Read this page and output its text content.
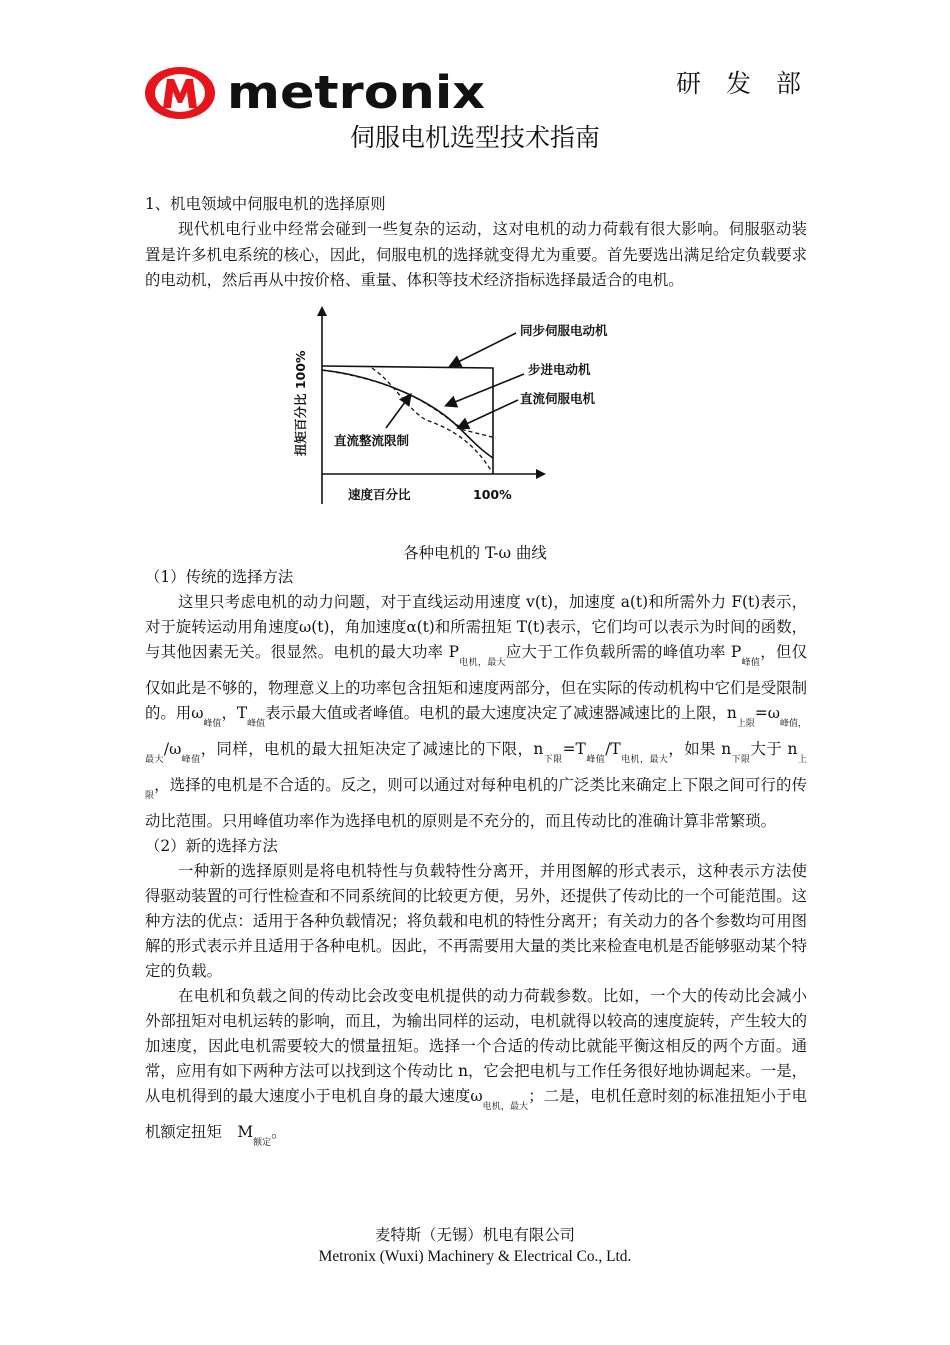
metronix	研 发 部
伺服电机选型技术指南

1、机电领域中伺服电机的选择原则

现代机电行业中经常会碰到一些复杂的运动，这对电机的动力荷载有很大影响。伺服驱动装置是许多机电系统的核心，因此，伺服电机的选择就变得尤为重要。首先要选出满足给定负载要求的电动机，然后再从中按价格、重量、体积等技术经济指标选择最适合的电机。

同步伺服电动机
步进电动机
直流伺服电机
直流整流限制
速度百分比	100%
扭矩百分比 100%
各种电机的 T-ω 曲线

（1）传统的选择方法

这里只考虑电机的动力问题，对于直线运动用速度 v(t)，加速度 a(t)和所需外力 F(t)表示，对于旋转运动用角速度ω(t)，角加速度α(t)和所需扭矩 T(t)表示，它们均可以表示为时间的函数，与其他因素无关。很显然。电机的最大功率 $P_{电机,最大}$应大于工作负载所需的峰值功率 $P_{峰值}$，但仅仅如此是不够的，物理意义上的功率包含扭矩和速度两部分，但在实际的传动机构中它们是受限制的。用$\omega_{峰值}$，$T_{峰值}$表示最大值或者峰值。电机的最大速度决定了减速器减速比的上限，$n_{上限}=\omega_{峰值,最大}/\omega_{峰值}$，同样，电机的最大扭矩决定了减速比的下限，$n_{下限}=T_{峰值}/T_{电机,最大}$，如果 $n_{下限}$大于 $n_{上限}$，选择的电机是不合适的。反之，则可以通过对每种电机的广泛类比来确定上下限之间可行的传动比范围。只用峰值功率作为选择电机的原则是不充分的，而且传动比的准确计算非常繁琐。

（2）新的选择方法

一种新的选择原则是将电机特性与负载特性分离开，并用图解的形式表示，这种表示方法使得驱动装置的可行性检查和不同系统间的比较更方便，另外，还提供了传动比的一个可能范围。这种方法的优点：适用于各种负载情况；将负载和电机的特性分离开；有关动力的各个参数均可用图解的形式表示并且适用于各种电机。因此，不再需要用大量的类比来检查电机是否能够驱动某个特定的负载。

在电机和负载之间的传动比会改变电机提供的动力荷载参数。比如，一个大的传动比会减小外部扭矩对电机运转的影响，而且，为输出同样的运动，电机就得以较高的速度旋转，产生较大的加速度，因此电机需要较大的惯量扭矩。选择一个合适的传动比就能平衡这相反的两个方面。通常，应用有如下两种方法可以找到这个传动比 n，它会把电机与工作任务很好地协调起来。一是，从电机得到的最大速度小于电机自身的最大速度$\omega_{电机,最大}$；二是，电机任意时刻的标准扭矩小于电机额定扭矩　$M_{额定}$。

麦特斯（无锡）机电有限公司
Metronix (Wuxi) Machinery & Electrical Co., Ltd.
